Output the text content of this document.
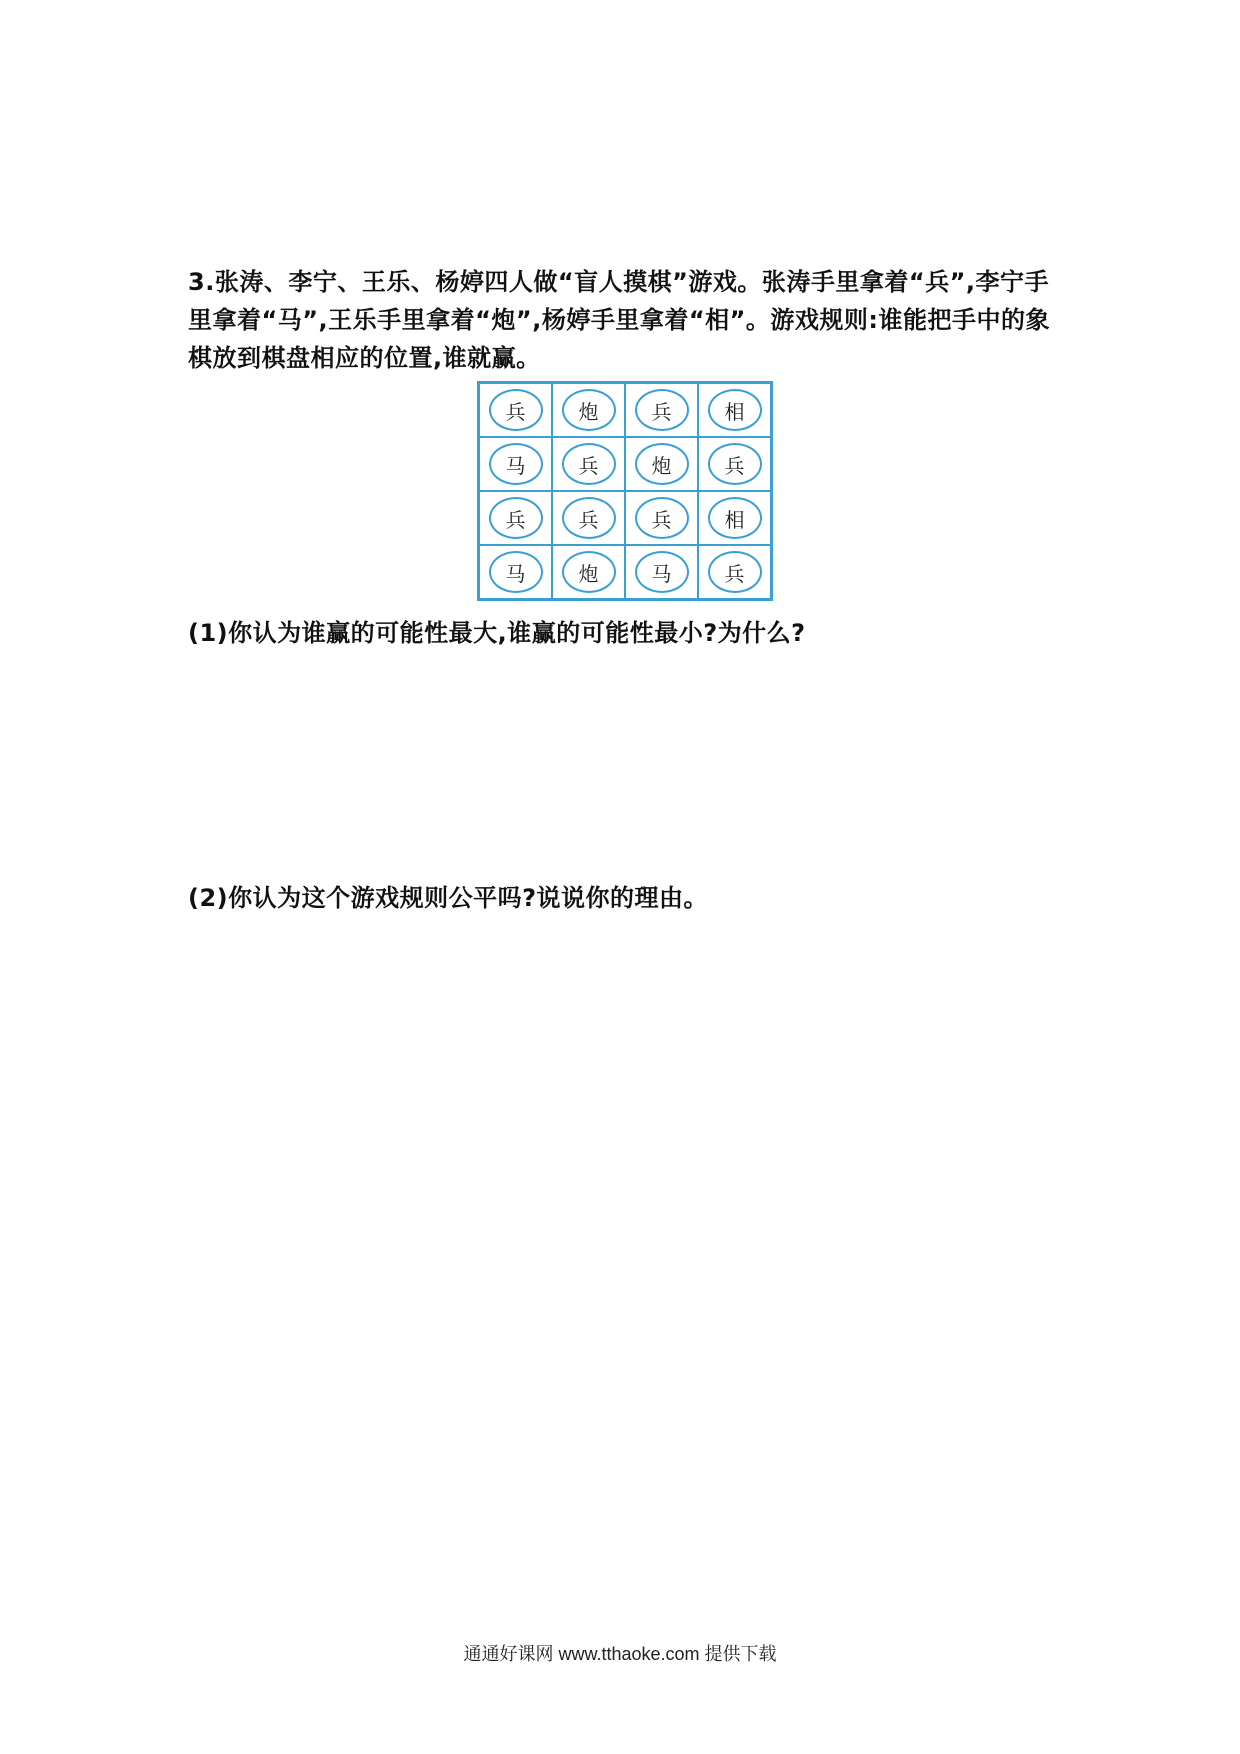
3.张涛、李宁、王乐、杨婷四人做“盲人摸棋”游戏。张涛手里拿着“兵”,李宁手里拿着“马”,王乐手里拿着“炮”,杨婷手里拿着“相”。游戏规则:谁能把手中的象棋放到棋盘相应的位置,谁就赢。

兵	炮	兵	相
马	兵	炮	兵
兵	兵	兵	相
马	炮	马	兵

(1)你认为谁赢的可能性最大,谁赢的可能性最小?为什么?

(2)你认为这个游戏规则公平吗?说说你的理由。

通通好课网 www.tthaoke.com 提供下载
